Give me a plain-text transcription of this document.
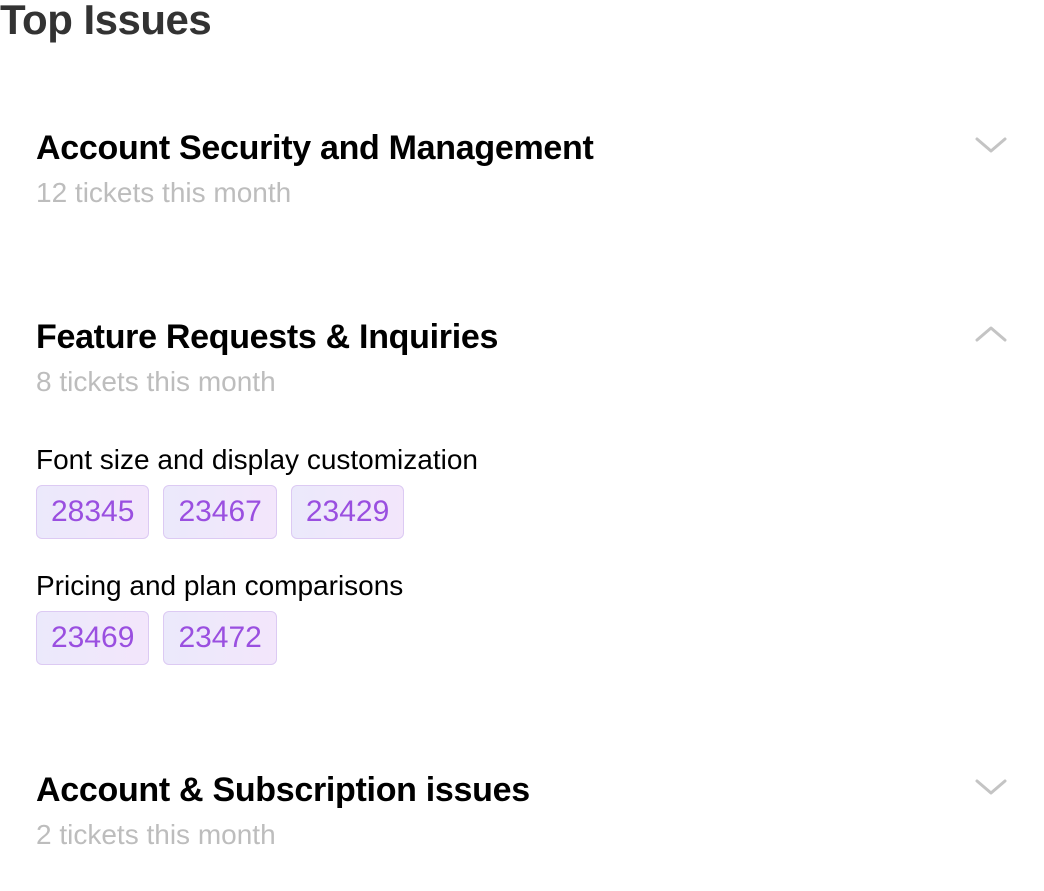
Top Issues
Account Security and Management
12 tickets this month
Feature Requests & Inquiries
8 tickets this month

Font size and display customization

28345	23467	23429

Pricing and plan comparisons

23469	23472
Account & Subscription issues
2 tickets this month
